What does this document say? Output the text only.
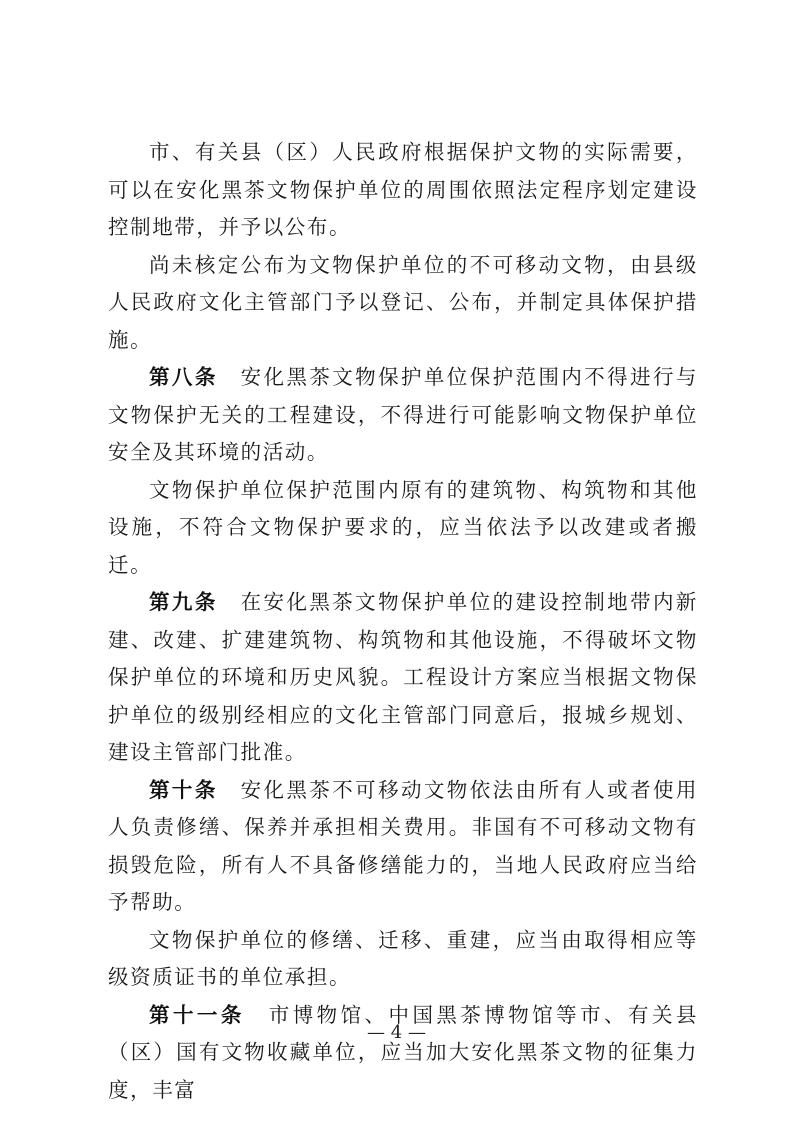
市、有关县（区）人民政府根据保护文物的实际需要，可以在安化黑茶文物保护单位的周围依照法定程序划定建设控制地带，并予以公布。

尚未核定公布为文物保护单位的不可移动文物，由县级人民政府文化主管部门予以登记、公布，并制定具体保护措施。

第八条　安化黑茶文物保护单位保护范围内不得进行与文物保护无关的工程建设，不得进行可能影响文物保护单位安全及其环境的活动。

文物保护单位保护范围内原有的建筑物、构筑物和其他设施，不符合文物保护要求的，应当依法予以改建或者搬迁。

第九条　在安化黑茶文物保护单位的建设控制地带内新建、改建、扩建建筑物、构筑物和其他设施，不得破坏文物保护单位的环境和历史风貌。工程设计方案应当根据文物保护单位的级别经相应的文化主管部门同意后，报城乡规划、建设主管部门批准。

第十条　安化黑茶不可移动文物依法由所有人或者使用人负责修缮、保养并承担相关费用。非国有不可移动文物有损毁危险，所有人不具备修缮能力的，当地人民政府应当给予帮助。

文物保护单位的修缮、迁移、重建，应当由取得相应等级资质证书的单位承担。

第十一条　市博物馆、中国黑茶博物馆等市、有关县（区）国有文物收藏单位，应当加大安化黑茶文物的征集力度，丰富

— 4 —
